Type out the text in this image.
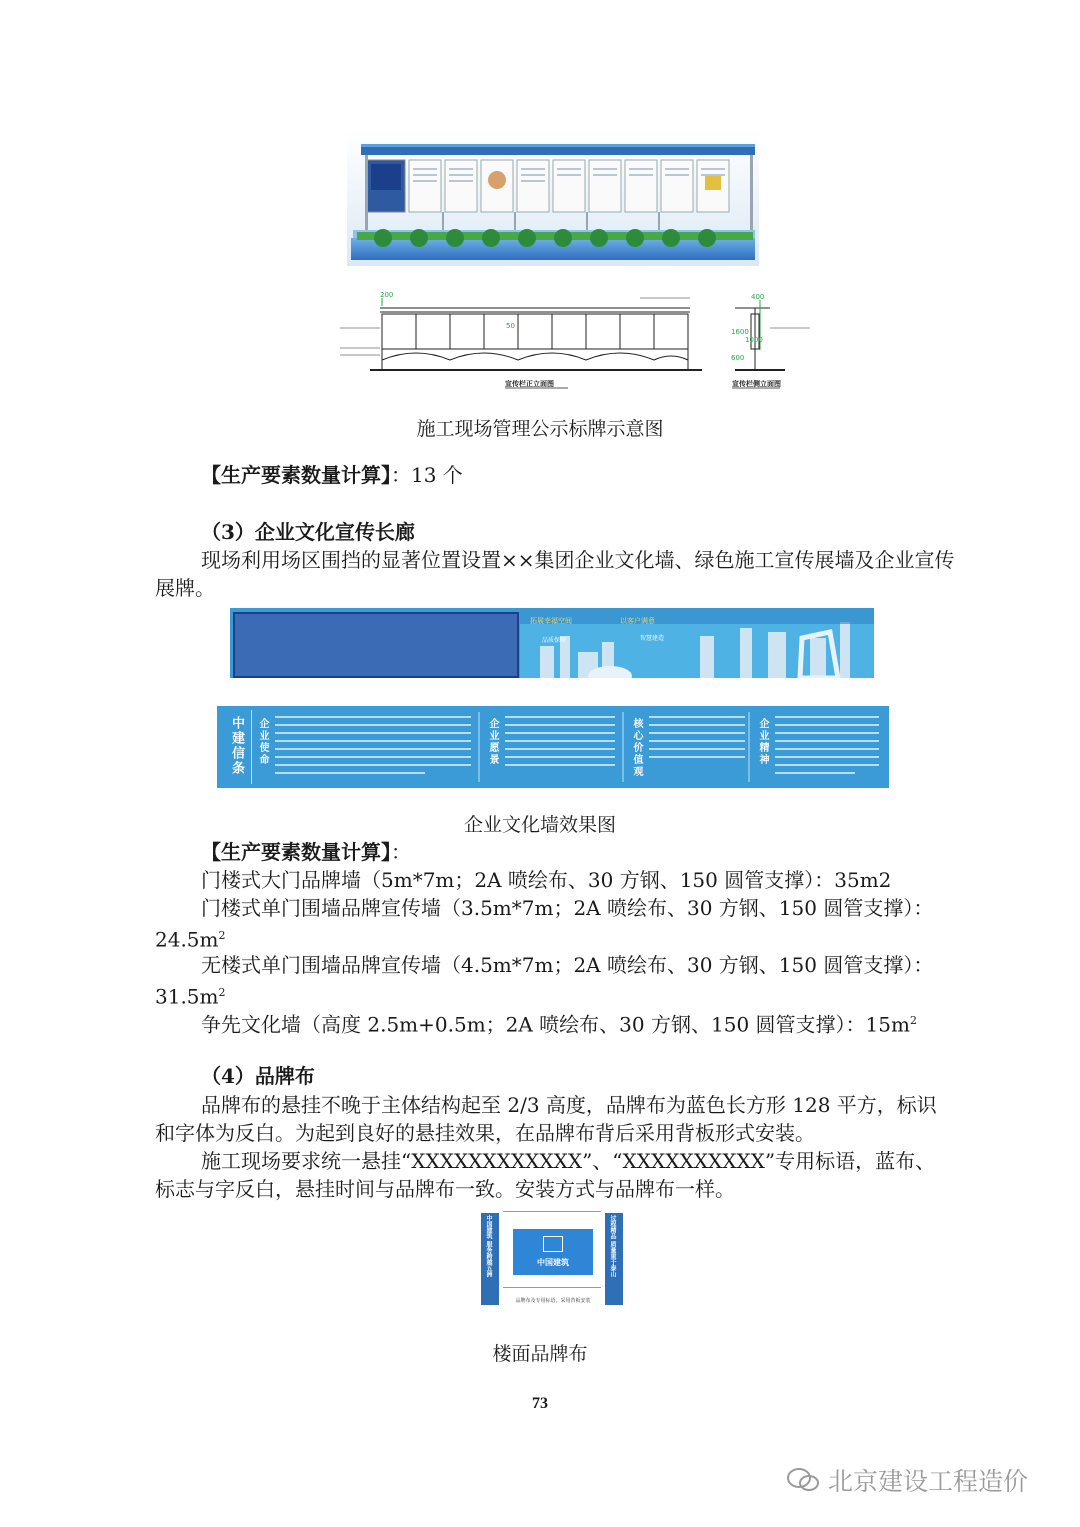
200
50
400
1600
1000
600
宣传栏正立面图	宣传栏侧立面图
施工现场管理公示标牌示意图
【生产要素数量计算】：13 个
（3）企业文化宣传长廊
现场利用场区围挡的显著位置设置××集团企业文化墙、绿色施工宣传展墙及企业宣传展牌。
拓展幸福空间	以客户满意
品质保障	智慧建造
中建信条 企业使命	企业愿景	核心价值观	企业精神
企业文化墙效果图
【生产要素数量计算】：
门楼式大门品牌墙（5m*7m；2A 喷绘布、30 方钢、150 圆管支撑）：35m2
门楼式单门围墙品牌宣传墙（3.5m*7m；2A 喷绘布、30 方钢、150 圆管支撑）：
$24.5m^2$
无楼式单门围墙品牌宣传墙（4.5m*7m；2A 喷绘布、30 方钢、150 圆管支撑）：
$31.5m^2$
争先文化墙（高度 2.5m+0.5m；2A 喷绘布、30 方钢、150 圆管支撑）：$15m^2$
（4）品牌布
品牌布的悬挂不晚于主体结构起至 2/3 高度，品牌布为蓝色长方形 128 平方，标识和字体为反白。为起到良好的悬挂效果，在品牌布背后采用背板形式安装。
施工现场要求统一悬挂“XXXXXXXXXXXX”、“XXXXXXXXXX”专用标语，蓝布、标志与字反白，悬挂时间与品牌布一致。安装方式与品牌布一样。
中国建筑 服务跨越五洲	过程精品 质量重于泰山
中国建筑
品牌布及专用标语，采用背板安装
楼面品牌布
73
北京建设工程造价
